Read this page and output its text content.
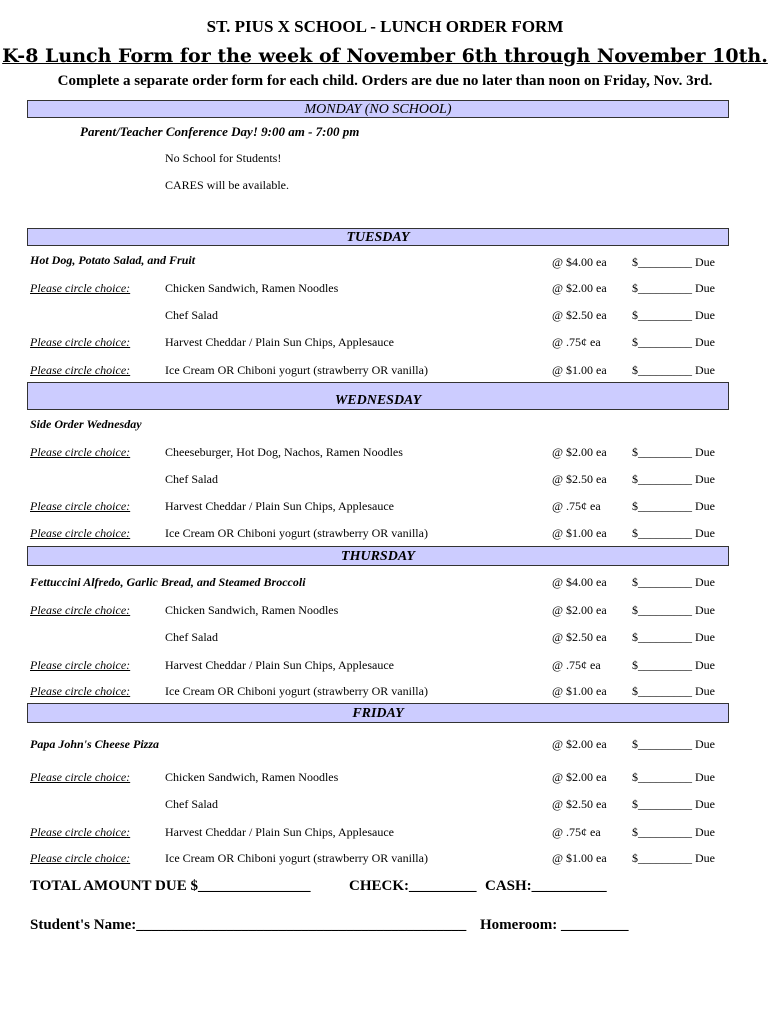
ST. PIUS X SCHOOL - LUNCH ORDER FORM
K-8 Lunch Form for the week of November 6th through November 10th.
Complete a separate order form for each child. Orders are due no later than noon on Friday, Nov. 3rd.
MONDAY (NO SCHOOL)
Parent/Teacher Conference Day! 9:00 am - 7:00 pm
No School for Students!
CARES will be available.
TUESDAY
Hot Dog, Potato Salad, and Fruit	@ $4.00 ea $_________ Due
Please circle choice:	Chicken Sandwich, Ramen Noodles	@ $2.00 ea $_________ Due
Chef Salad	@ $2.50 ea $_________ Due
Please circle choice:	Harvest Cheddar / Plain Sun Chips, Applesauce	@ .75¢ ea	$_________ Due
Please circle choice:	Ice Cream OR Chiboni yogurt (strawberry OR vanilla)	@ $1.00 ea $_________ Due
WEDNESDAY
Side Order Wednesday
Please circle choice:	Cheeseburger, Hot Dog, Nachos, Ramen Noodles	@ $2.00 ea $_________ Due
Chef Salad	@ $2.50 ea $_________ Due
Please circle choice:	Harvest Cheddar / Plain Sun Chips, Applesauce	@ .75¢ ea	$_________ Due
Please circle choice:	Ice Cream OR Chiboni yogurt (strawberry OR vanilla)	@ $1.00 ea $_________ Due
THURSDAY
Fettuccini Alfredo, Garlic Bread, and Steamed Broccoli	@ $4.00 ea $_________ Due
Please circle choice:	Chicken Sandwich, Ramen Noodles	@ $2.00 ea $_________ Due
Chef Salad	@ $2.50 ea $_________ Due
Please circle choice:	Harvest Cheddar / Plain Sun Chips, Applesauce	@ .75¢ ea	$_________ Due
Please circle choice:	Ice Cream OR Chiboni yogurt (strawberry OR vanilla)	@ $1.00 ea $_________ Due
FRIDAY
Papa John's Cheese Pizza	@ $2.00 ea $_________ Due
Please circle choice:	Chicken Sandwich, Ramen Noodles	@ $2.00 ea $_________ Due
Chef Salad	@ $2.50 ea $_________ Due
Please circle choice:	Harvest Cheddar / Plain Sun Chips, Applesauce	@ .75¢ ea	$_________ Due
Please circle choice:	Ice Cream OR Chiboni yogurt (strawberry OR vanilla)	@ $1.00 ea $_________ Due
TOTAL AMOUNT DUE $_______________	CHECK:_________ CASH:__________
Student's Name:____________________________________________ Homeroom: _________
